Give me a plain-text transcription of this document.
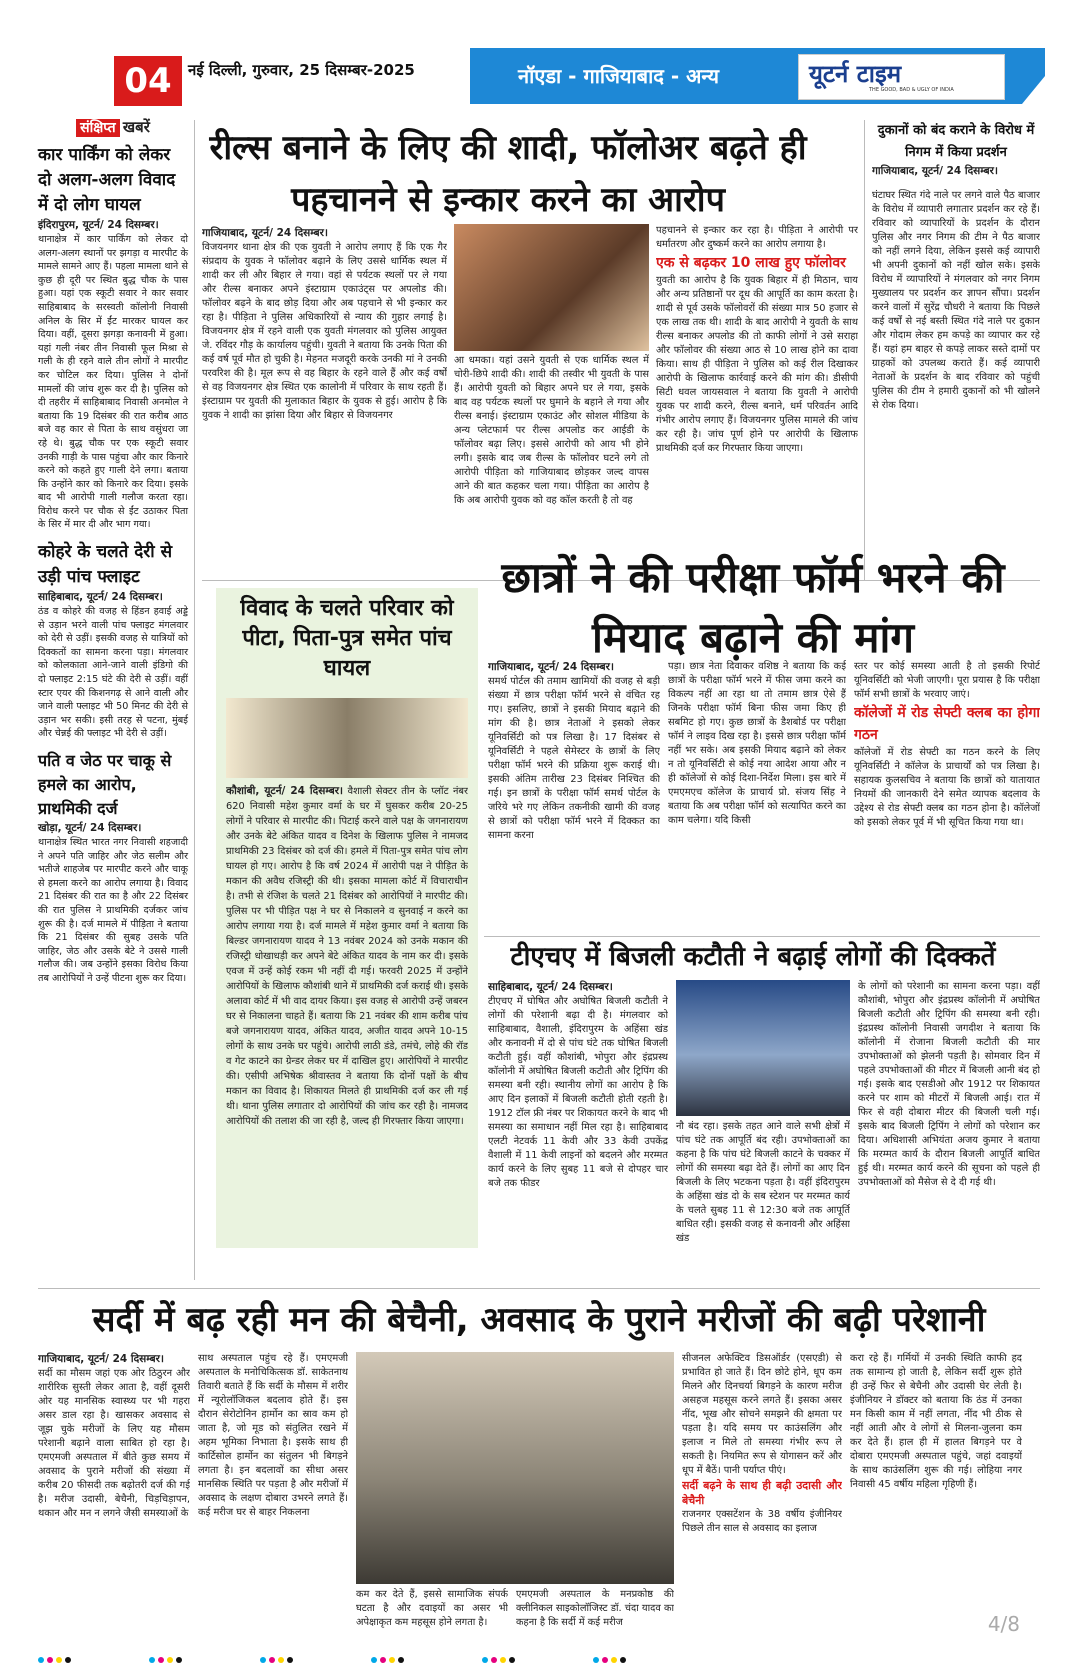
04	नई दिल्ली, गुरुवार, 25 दिसम्बर-2025	नॉएडा - गाजियाबाद - अन्य	यूटर्न टाइम
THE GOOD, BAD & UGLY OF INDIA
संक्षिप्त खबरें
कार पार्किंग को लेकर दो अलग-अलग विवाद में दो लोग घायल
इंदिरापुरम, यूटर्न/ 24 दिसम्बर।

थानाक्षेत्र में कार पार्किंग को लेकर दो अलग-अलग स्थानों पर झगड़ा व मारपीट के मामले सामने आए हैं। पहला मामला थाने से कुछ ही दूरी पर स्थित बुद्ध चौक के पास हुआ। यहां एक स्कूटी सवार ने कार सवार साहिबाबाद के सरस्वती कॉलोनी निवासी अनिल के सिर में ईंट मारकर घायल कर दिया। वहीं, दूसरा झगड़ा कनावनी में हुआ। यहां गली नंबर तीन निवासी फूल मिश्रा से गली के ही रहने वाले तीन लोगों ने मारपीट कर चोटिल कर दिया। पुलिस ने दोनों मामलों की जांच शुरू कर दी है। पुलिस को दी तहरीर में साहिबाबाद निवासी अनमोल ने बताया कि 19 दिसंबर की रात करीब आठ बजे वह कार से पिता के साथ वसुंधरा जा रहे थे। बुद्ध चौक पर एक स्कूटी सवार उनकी गाड़ी के पास पहुंचा और कार किनारे करने को कहते हुए गाली देने लगा। बताया कि उन्होंने कार को किनारे कर दिया। इसके बाद भी आरोपी गाली गलौज करता रहा। विरोध करने पर चौक से ईंट उठाकर पिता के सिर में मार दी और भाग गया।

कोहरे के चलते देरी से उड़ी पांच फ्लाइट
साहिबाबाद, यूटर्न/ 24 दिसम्बर।

ठंड व कोहरे की वजह से हिंडन हवाई अड्डे से उड़ान भरने वाली पांच फ्लाइट मंगलवार को देरी से उड़ीं। इसकी वजह से यात्रियों को दिक्कतों का सामना करना पड़ा। मंगलवार को कोलकाता आने-जाने वाली इंडिगो की दो फ्लाइट 2:15 घंटे की देरी से उड़ीं। वहीं स्टार एयर की किशनगढ़ से आने वाली और जाने वाली फ्लाइट भी 50 मिनट की देरी से उड़ान भर सकी। इसी तरह से पटना, मुंबई और चेन्नई की फ्लाइट भी देरी से उड़ीं।

पति व जेठ पर चाकू से हमले का आरोप, प्राथमिकी दर्ज
खोड़ा, यूटर्न/ 24 दिसम्बर।

थानाक्षेत्र स्थित भारत नगर निवासी शहजादी ने अपने पति जाहिर और जेठ सलीम और भतीजे शाहजेब पर मारपीट करने और चाकू से हमला करने का आरोप लगाया है। विवाद 21 दिसंबर की रात का है और 22 दिसंबर की रात पुलिस ने प्राथमिकी दर्जकर जांच शुरू की है। दर्ज मामले में पीड़िता ने बताया कि 21 दिसंबर की सुबह उसके पति जाहिर, जेठ और उसके बेटे ने उससे गाली गलौज की। जब उन्होंने इसका विरोध किया तब आरोपियों ने उन्हें पीटना शुरू कर दिया।

रील्स बनाने के लिए की शादी, फॉलोअर बढ़ते ही पहचानने से इन्कार करने का आरोप
गाजियाबाद, यूटर्न/ 24 दिसम्बर।

विजयनगर थाना क्षेत्र की एक युवती ने आरोप लगाए हैं कि एक गैर संप्रदाय के युवक ने फॉलोवर बढ़ाने के लिए उससे धार्मिक स्थल में शादी कर ली और बिहार ले गया। वहां से पर्यटक स्थलों पर ले गया और रील्स बनाकर अपने इंस्टाग्राम एकाउंट्स पर अपलोड की। फॉलोवर बढ़ने के बाद छोड़ दिया और अब पहचाने से भी इन्कार कर रहा है। पीड़िता ने पुलिस अधिकारियों से न्याय की गुहार लगाई है। विजयनगर क्षेत्र में रहने वाली एक युवती मंगलवार को पुलिस आयुक्त जे. रविंदर गौड़ के कार्यालय पहुंची। युवती ने बताया कि उनके पिता की कई वर्ष पूर्व मौत हो चुकी है। मेहनत मजदूरी करके उनकी मां ने उनकी परवरिश की है। मूल रूप से वह बिहार के रहने वाले हैं और कई वर्षों से वह विजयनगर क्षेत्र स्थित एक कालोनी में परिवार के साथ रहती हैं। इंस्टाग्राम पर युवती की मुलाकात बिहार के युवक से हुई। आरोप है कि युवक ने शादी का झांसा दिया और बिहार से विजयनगर

आ धमका। यहां उसने युवती से एक धार्मिक स्थल में चोरी-छिपे शादी की। शादी की तस्वीर भी युवती के पास हैं। आरोपी युवती को बिहार अपने घर ले गया, इसके बाद वह पर्यटक स्थलों पर घुमाने के बहाने ले गया और रील्स बनाई। इंस्टाग्राम एकाउंट और सोशल मीडिया के अन्य प्लेटफार्म पर रील्स अपलोड कर आईडी के फॉलोवर बढ़ा लिए। इससे आरोपी को आय भी होने लगी। इसके बाद जब रील्स के फॉलोवर घटने लगे तो आरोपी पीड़िता को गाजियाबाद छोड़कर जल्द वापस आने की बात कहकर चला गया। पीड़िता का आरोप है कि अब आरोपी युवक को वह कॉल करती है तो वह

पहचानने से इन्कार कर रहा है। पीड़िता ने आरोपी पर धर्मांतरण और दुष्कर्म करने का आरोप लगाया है।

एक से बढ़कर 10 लाख हुए फॉलोवर

युवती का आरोप है कि युवक बिहार में ही मिठान, चाय और अन्य प्रतिष्ठानों पर दूध की आपूर्ति का काम करता है। शादी से पूर्व उसके फॉलोवरों की संख्या मात्र 50 हजार से एक लाख तक थी। शादी के बाद आरोपी ने युवती के साथ रील्स बनाकर अपलोड की तो काफी लोगों ने उसे सराहा और फॉलोवर की संख्या आठ से 10 लाख होने का दावा किया। साथ ही पीड़िता ने पुलिस को कई रील दिखाकर आरोपी के खिलाफ कार्रवाई करने की मांग की। डीसीपी सिटी धवल जायसवाल ने बताया कि युवती ने आरोपी युवक पर शादी करने, रील्स बनाने, धर्म परिवर्तन आदि गंभीर आरोप लगाए हैं। विजयनगर पुलिस मामले की जांच कर रही है। जांच पूर्ण होने पर आरोपी के खिलाफ प्राथमिकी दर्ज कर गिरफ्तार किया जाएगा।

दुकानों को बंद कराने के विरोध में निगम में किया प्रदर्शन
गाजियाबाद, यूटर्न/ 24 दिसम्बर।

घंटाघर स्थित गंदे नाले पर लगने वाले पैठ बाजार के विरोध में व्यापारी लगातार प्रदर्शन कर रहे हैं। रविवार को व्यापारियों के प्रदर्शन के दौरान पुलिस और नगर निगम की टीम ने पैठ बाजार को नहीं लगने दिया, लेकिन इससे कई व्यापारी भी अपनी दुकानों को नहीं खोल सके। इसके विरोध में व्यापारियों ने मंगलवार को नगर निगम मुख्यालय पर प्रदर्शन कर ज्ञापन सौंपा। प्रदर्शन करने वालों में सुरेंद्र चौधरी ने बताया कि पिछले कई वर्षों से नई बस्ती स्थित गंदे नाले पर दुकान और गोदाम लेकर हम कपड़े का व्यापार कर रहे हैं। यहां हम बाहर से कपड़े लाकर सस्ते दामों पर ग्राहकों को उपलब्ध कराते हैं। कई व्यापारी नेताओं के प्रदर्शन के बाद रविवार को पहुंची पुलिस की टीम ने हमारी दुकानों को भी खोलने से रोक दिया।

विवाद के चलते परिवार को पीटा, पिता-पुत्र समेत पांच घायल
कौशांबी, यूटर्न/ 24 दिसम्बर। वैशाली सेक्टर तीन के प्लॉट नंबर 620 निवासी महेश कुमार वर्मा के घर में घुसकर करीब 20-25 लोगों ने परिवार से मारपीट की। पिटाई करने वाले पक्ष के जगनारायण और उनके बेटे अंकित यादव व दिनेश के खिलाफ पुलिस ने नामजद प्राथमिकी 23 दिसंबर को दर्ज की। हमले में पिता-पुत्र समेत पांच लोग घायल हो गए। आरोप है कि वर्ष 2024 में आरोपी पक्ष ने पीड़ित के मकान की अवैध रजिस्ट्री की थी। इसका मामला कोर्ट में विचाराधीन है। तभी से रंजिश के चलते 21 दिसंबर को आरोपियों ने मारपीट की। पुलिस पर भी पीड़ित पक्ष ने घर से निकालने व सुनवाई न करने का आरोप लगाया गया है। दर्ज मामले में महेश कुमार वर्मा ने बताया कि बिल्डर जगनारायण यादव ने 13 नवंबर 2024 को उनके मकान की रजिस्ट्री धोखाधड़ी कर अपने बेटे अंकित यादव के नाम कर दी। इसके एवज में उन्हें कोई रकम भी नहीं दी गई। फरवरी 2025 में उन्होंने आरोपियों के खिलाफ कौशांबी थाने में प्राथमिकी दर्ज कराई थी। इसके अलावा कोर्ट में भी वाद दायर किया। इस वजह से आरोपी उन्हें जबरन घर से निकालना चाहते हैं। बताया कि 21 नवंबर की शाम करीब पांच बजे जगनारायण यादव, अंकित यादव, अजीत यादव अपने 10-15 लोगों के साथ उनके घर पहुंचे। आरोपी लाठी डंडे, तमंचे, लोहे की रॉड व गेट काटने का ग्रेन्डर लेकर घर में दाखिल हुए। आरोपियों ने मारपीट की। एसीपी अभिषेक श्रीवास्तव ने बताया कि दोनों पक्षों के बीच मकान का विवाद है। शिकायत मिलते ही प्राथमिकी दर्ज कर ली गई थी। थाना पुलिस लगातार दो आरोपियों की जांच कर रही है। नामजद आरोपियों की तलाश की जा रही है, जल्द ही गिरफ्तार किया जाएगा।
छात्रों ने की परीक्षा फॉर्म भरने की मियाद बढ़ाने की मांग
गाजियाबाद, यूटर्न/ 24 दिसम्बर।

समर्थ पोर्टल की तमाम खामियों की वजह से बड़ी संख्या में छात्र परीक्षा फॉर्म भरने से वंचित रह गए। इसलिए, छात्रों ने इसकी मियाद बढ़ाने की मांग की है। छात्र नेताओं ने इसको लेकर यूनिवर्सिटी को पत्र लिखा है। 17 दिसंबर से यूनिवर्सिटी ने पहले सेमेस्टर के छात्रों के लिए परीक्षा फॉर्म भरने की प्रक्रिया शुरू कराई थी। इसकी अंतिम तारीख 23 दिसंबर निश्चित की गई। इन छात्रों के परीक्षा फॉर्म समर्थ पोर्टल के जरिये भरे गए लेकिन तकनीकी खामी की वजह से छात्रों को परीक्षा फॉर्म भरने में दिक्कत का सामना करना

पड़ा। छात्र नेता दिवाकर वशिष्ठ ने बताया कि कई छात्रों के परीक्षा फॉर्म भरने में फीस जमा करने का विकल्प नहीं आ रहा था तो तमाम छात्र ऐसे हैं जिनके परीक्षा फॉर्म बिना फीस जमा किए ही सबमिट हो गए। कुछ छात्रों के डैशबोर्ड पर परीक्षा फॉर्म ने लाइव दिख रहा है। इससे छात्र परीक्षा फॉर्म नहीं भर सके। अब इसकी मियाद बढ़ाने को लेकर न तो यूनिवर्सिटी से कोई नया आदेश आया और न ही कॉलेजों से कोई दिशा-निर्देश मिला। इस बारे में एमएमएच कॉलेज के प्राचार्य प्रो. संजय सिंह ने बताया कि अब परीक्षा फॉर्म को सत्यापित करने का काम चलेगा। यदि किसी

स्तर पर कोई समस्या आती है तो इसकी रिपोर्ट यूनिवर्सिटी को भेजी जाएगी। पूरा प्रयास है कि परीक्षा फॉर्म सभी छात्रों के भरवाए जाएं।

कॉलेजों में रोड सेफ्टी क्लब का होगा गठन

कॉलेजों में रोड सेफ्टी का गठन करने के लिए यूनिवर्सिटी ने कॉलेज के प्राचार्यों को पत्र लिखा है। सहायक कुलसचिव ने बताया कि छात्रों को यातायात नियमों की जानकारी देने समेत व्यापक बदलाव के उद्देश्य से रोड सेफ्टी क्लब का गठन होना है। कॉलेजों को इसको लेकर पूर्व में भी सूचित किया गया था।

टीएचए में बिजली कटौती ने बढ़ाई लोगों की दिक्कतें
साहिबाबाद, यूटर्न/ 24 दिसम्बर।

टीएचए में घोषित और अघोषित बिजली कटौती ने लोगों की परेशानी बढ़ा दी है। मंगलवार को साहिबाबाद, वैशाली, इंदिरापुरम के अहिंसा खंड और कनावनी में दो से पांच घंटे तक घोषित बिजली कटौती हुई। वहीं कौशांबी, भोपुरा और इंद्रप्रस्थ कॉलोनी में अघोषित बिजली कटौती और ट्रिपिंग की समस्या बनी रही। स्थानीय लोगों का आरोप है कि आए दिन इलाकों में बिजली कटौती होती रहती है। 1912 टॉल फ्री नंबर पर शिकायत करने के बाद भी समस्या का समाधान नहीं मिल रहा है। साहिबाबाद एलटी नेटवर्क 11 केवी और 33 केवी उपकेंद्र वैशाली में 11 केवी लाइनों को बदलने और मरम्मत कार्य करने के लिए सुबह 11 बजे से दोपहर चार बजे तक फीडर

नौ बंद रहा। इसके तहत आने वाले सभी क्षेत्रों में पांच घंटे तक आपूर्ति बंद रही। उपभोक्ताओं का कहना है कि पांच घंटे बिजली काटने के चक्कर में लोगों की समस्या बढ़ा देते हैं। लोगों का आए दिन बिजली के लिए भटकना पड़ता है। वहीं इंदिरापुरम के अहिंसा खंड दो के सब स्टेशन पर मरम्मत कार्य के चलते सुबह 11 से 12:30 बजे तक आपूर्ति बाधित रही। इसकी वजह से कनावनी और अहिंसा खंड

के लोगों को परेशानी का सामना करना पड़ा। वहीं कौशांबी, भोपुरा और इंद्रप्रस्थ कॉलोनी में अघोषित बिजली कटौती और ट्रिपिंग की समस्या बनी रही। इंद्रप्रस्थ कॉलोनी निवासी जगदीश ने बताया कि कॉलोनी में रोजाना बिजली कटौती की मार उपभोक्ताओं को झेलनी पड़ती है। सोमवार दिन में पहले उपभोक्ताओं की मीटर में बिजली आनी बंद हो गई। इसके बाद एसडीओ और 1912 पर शिकायत करने पर शाम को मीटरों में बिजली आई। रात में फिर से वही दोबारा मीटर की बिजली चली गई। इसके बाद बिजली ट्रिपिंग ने लोगों को परेशान कर दिया। अधिशासी अभियंता अजय कुमार ने बताया कि मरम्मत कार्य के दौरान बिजली आपूर्ति बाधित हुई थी। मरम्मत कार्य करने की सूचना को पहले ही उपभोक्ताओं को मैसेज से दे दी गई थी।

सर्दी में बढ़ रही मन की बेचैनी, अवसाद के पुराने मरीजों की बढ़ी परेशानी
गाजियाबाद, यूटर्न/ 24 दिसम्बर।

सर्दी का मौसम जहां एक ओर ठिठुरन और शारीरिक सुस्ती लेकर आता है, वहीं दूसरी ओर यह मानसिक स्वास्थ्य पर भी गहरा असर डाल रहा है। खासकर अवसाद से जूझ चुके मरीजों के लिए यह मौसम परेशानी बढ़ाने वाला साबित हो रहा है। एमएमजी अस्पताल में बीते कुछ समय में अवसाद के पुराने मरीजों की संख्या में करीब 20 फीसदी तक बढ़ोतरी दर्ज की गई है। मरीज उदासी, बेचैनी, चिड़चिड़ापन, थकान और मन न लगने जैसी समस्याओं के

साथ अस्पताल पहुंच रहे हैं। एमएमजी अस्पताल के मनोचिकित्सक डॉ. साकेतनाथ तिवारी बताते हैं कि सर्दी के मौसम में शरीर में न्यूरोलॉजिकल बदलाव होते हैं। इस दौरान सेरोटोनिन हार्मोन का स्राव कम हो जाता है, जो मूड को संतुलित रखने में अहम भूमिका निभाता है। इसके साथ ही कार्टिसोल हार्मोन का संतुलन भी बिगड़ने लगता है। इन बदलावों का सीधा असर मानसिक स्थिति पर पड़ता है और मरीजों में अवसाद के लक्षण दोबारा उभरने लगते हैं। कई मरीज घर से बाहर निकलना

कम कर देते हैं, इससे सामाजिक संपर्क घटता है और दवाइयों का असर भी अपेक्षाकृत कम महसूस होने लगता है।

एमएमजी अस्पताल के मनप्रकोष्ठ की क्लीनिकल साइकोलॉजिस्ट डॉ. चंदा यादव का कहना है कि सर्दी में कई मरीज

सीजनल अफेक्टिव डिसऑर्डर (एसएडी) से प्रभावित हो जाते हैं। दिन छोटे होने, धूप कम मिलने और दिनचर्या बिगड़ने के कारण मरीज असहज महसूस करने लगते हैं। इसका असर नींद, भूख और सोचने समझने की क्षमता पर पड़ता है। यदि समय पर काउंसलिंग और इलाज न मिले तो समस्या गंभीर रूप ले सकती है। नियमित रूप से योगासन करें और धूप में बैठें। पानी पर्याप्त पीएं।

सर्दी बढ़ने के साथ ही बढ़ी उदासी और बेचैनी

राजनगर एक्सटेंशन के 38 वर्षीय इंजीनियर पिछले तीन साल से अवसाद का इलाज

करा रहे हैं। गर्मियों में उनकी स्थिति काफी हद तक सामान्य हो जाती है, लेकिन सर्दी शुरू होते ही उन्हें फिर से बेचैनी और उदासी घेर लेती है। इंजीनियर ने डॉक्टर को बताया कि ठंड में उनका मन किसी काम में नहीं लगता, नींद भी ठीक से नहीं आती और वे लोगों से मिलना-जुलना कम कर देते हैं। हाल ही में हालत बिगड़ने पर वे दोबारा एमएमजी अस्पताल पहुंचे, जहां दवाइयों के साथ काउंसलिंग शुरू की गई। लोहिया नगर निवासी 45 वर्षीय महिला गृहिणी हैं।

4/8
